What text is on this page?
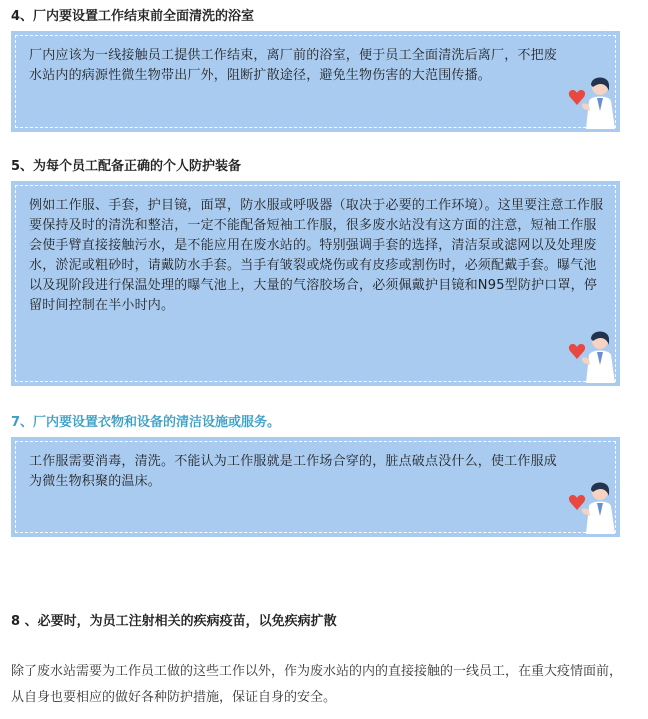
4、厂内要设置工作结束前全面清洗的浴室
厂内应该为一线接触员工提供工作结束，离厂前的浴室，便于员工全面清洗后离厂，不把废水站内的病源性微生物带出厂外，阻断扩散途径，避免生物伤害的大范围传播。
5、为每个员工配备正确的个人防护装备
例如工作服、手套，护目镜，面罩，防水服或呼吸器（取决于必要的工作环境）。这里要注意工作服要保持及时的清洗和整洁，一定不能配备短袖工作服，很多废水站没有这方面的注意，短袖工作服会使手臂直接接触污水，是不能应用在废水站的。特别强调手套的选择，清洁泵或滤网以及处理废水，淤泥或粗砂时，请戴防水手套。当手有皱裂或烧伤或有皮疹或割伤时，必须配戴手套。曝气池以及现阶段进行保温处理的曝气池上，大量的气溶胶场合，必须佩戴护目镜和N95型防护口罩，停留时间控制在半小时内。
7、厂内要设置衣物和设备的清洁设施或服务。
工作服需要消毒，清洗。不能认为工作服就是工作场合穿的，脏点破点没什么，使工作服成为微生物积聚的温床。
8 、必要时，为员工注射相关的疾病疫苗，以免疾病扩散
除了废水站需要为工作员工做的这些工作以外，作为废水站的内的直接接触的一线员工，在重大疫情面前，从自身也要相应的做好各种防护措施，保证自身的安全。
